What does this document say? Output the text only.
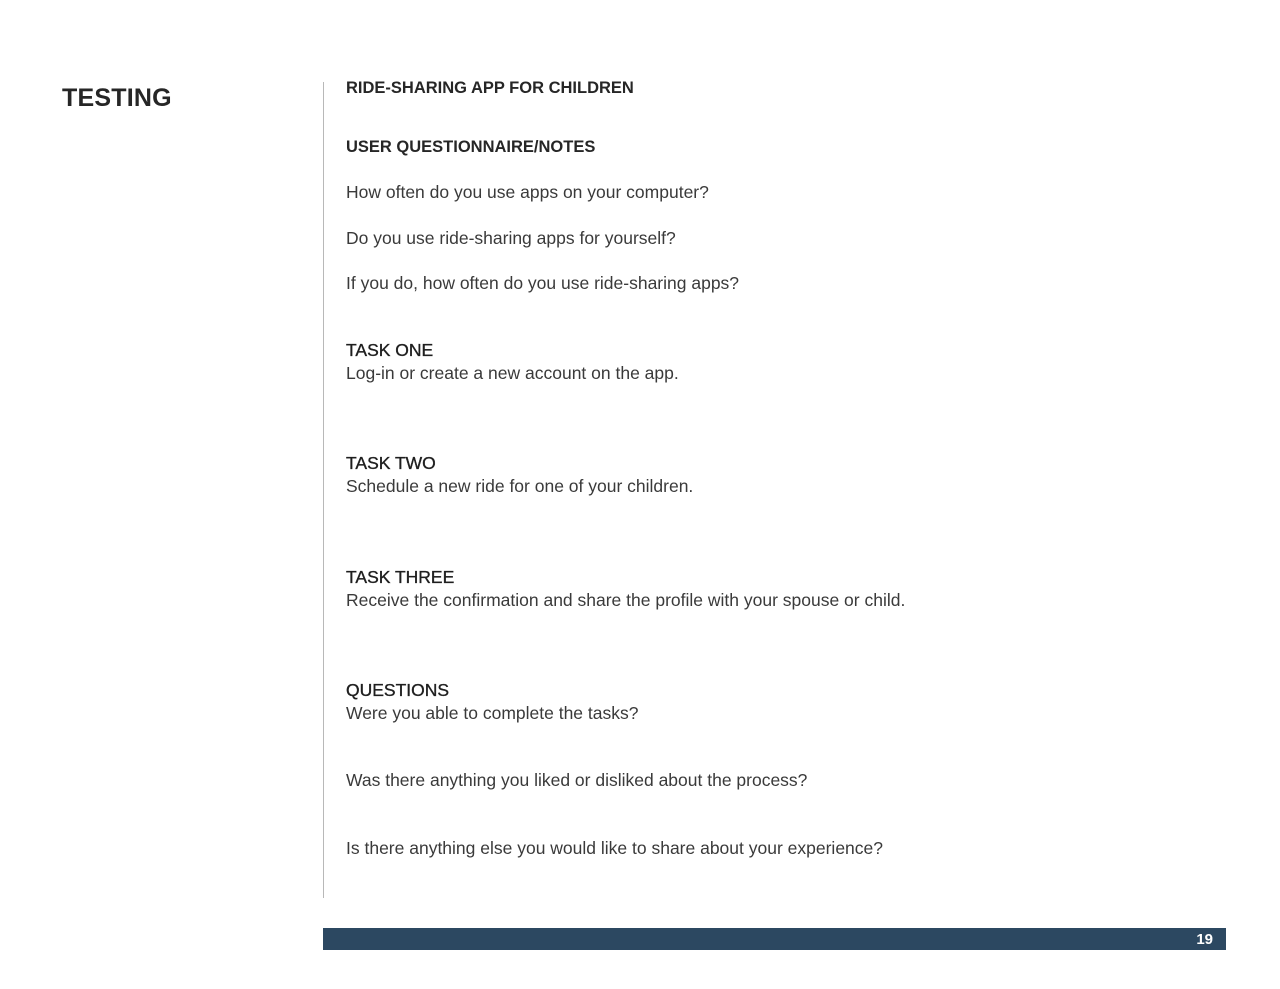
TESTING	RIDE-SHARING APP FOR CHILDREN
USER QUESTIONNAIRE/NOTES
How often do you use apps on your computer?
Do you use ride-sharing apps for yourself?
If you do, how often do you use ride-sharing apps?
TASK ONE
Log-in or create a new account on the app.
TASK TWO
Schedule a new ride for one of your children.
TASK THREE
Receive the confirmation and share the profile with your spouse or child.
QUESTIONS
Were you able to complete the tasks?
Was there anything you liked or disliked about the process?
Is there anything else you would like to share about your experience?
19
